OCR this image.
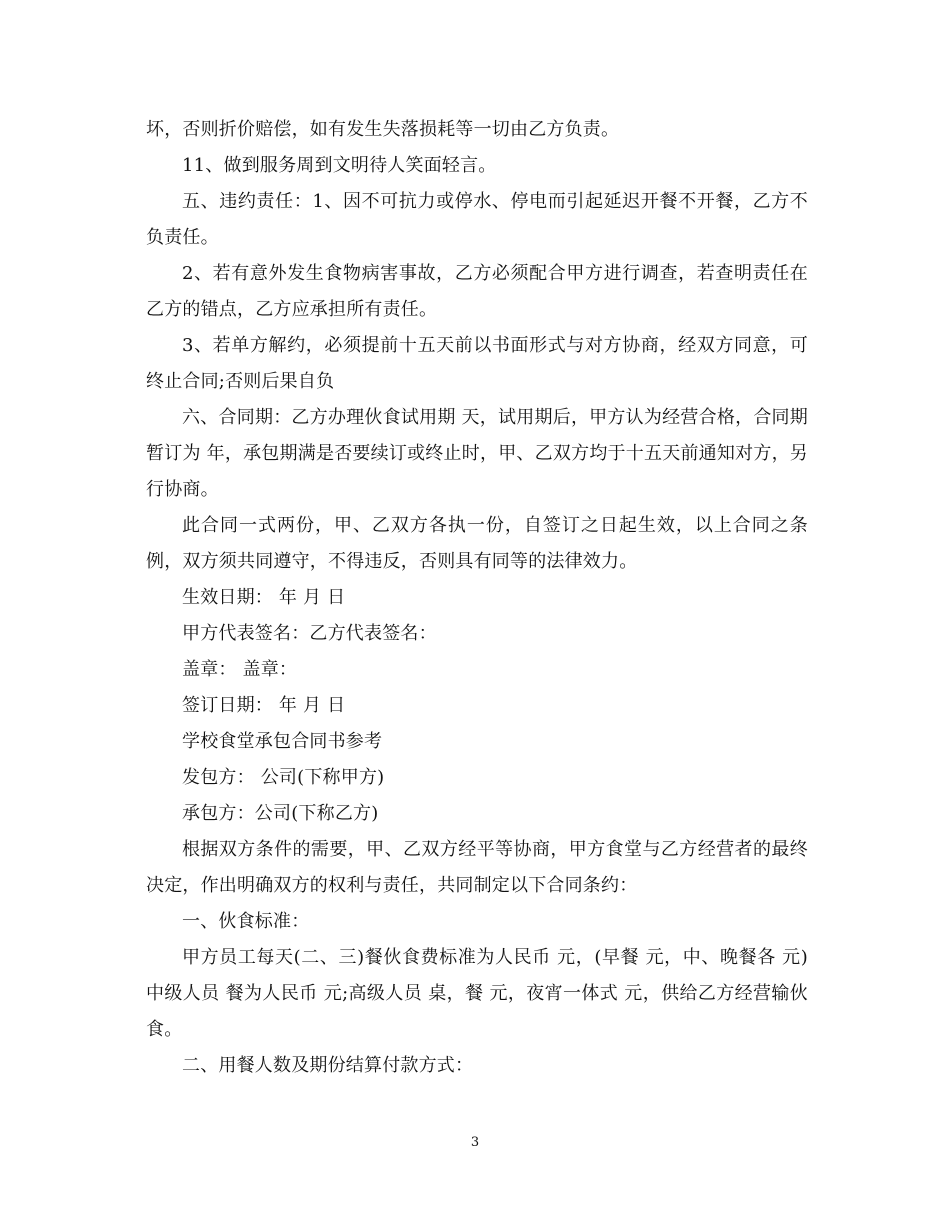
坏，否则折价赔偿，如有发生失落损耗等一切由乙方负责。

11、做到服务周到文明待人笑面轻言。

五、违约责任：1、因不可抗力或停水、停电而引起延迟开餐不开餐，乙方不负责任。

2、若有意外发生食物病害事故，乙方必须配合甲方进行调查，若查明责任在乙方的错点，乙方应承担所有责任。

3、若单方解约，必须提前十五天前以书面形式与对方协商，经双方同意，可终止合同;否则后果自负

六、合同期：乙方办理伙食试用期 天，试用期后，甲方认为经营合格，合同期暂订为 年，承包期满是否要续订或终止时，甲、乙双方均于十五天前通知对方，另行协商。

此合同一式两份，甲、乙双方各执一份，自签订之日起生效，以上合同之条例，双方须共同遵守，不得违反，否则具有同等的法律效力。

生效日期： 年 月 日

甲方代表签名：乙方代表签名：

盖章： 盖章：

签订日期： 年 月 日

学校食堂承包合同书参考

发包方： 公司(下称甲方)

承包方：公司(下称乙方)

根据双方条件的需要，甲、乙双方经平等协商，甲方食堂与乙方经营者的最终决定，作出明确双方的权利与责任，共同制定以下合同条约：

一、伙食标准：

甲方员工每天(二、三)餐伙食费标准为人民币 元，(早餐 元，中、晚餐各 元)中级人员 餐为人民币 元;高级人员 桌，餐 元，夜宵一体式 元，供给乙方经营输伙食。

二、用餐人数及期份结算付款方式：

3
